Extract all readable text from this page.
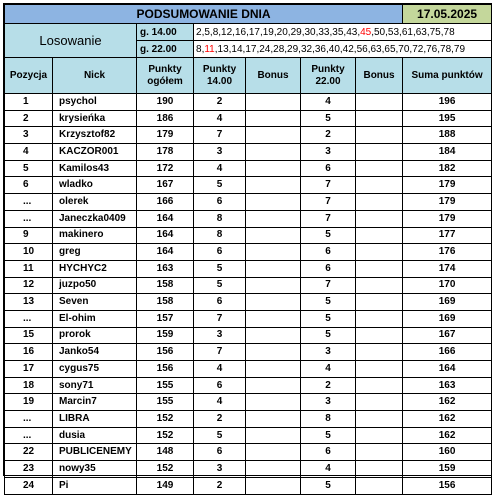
PODSUMOWANIE DNIA							17.05.2025
Losowanie		g. 14.00	2,5,8,12,16,17,19,20,29,30,33,35,43,45,50,53,61,63,75,78				
		g. 22.00	8,11,13,14,17,24,28,29,32,36,40,42,56,63,65,70,72,76,78,79				
Pozycja	Nick	Punkty ogółem	Punkty 14.00	Bonus	Punkty 22.00	Bonus	Suma punktów
1	psychol	190	2		4		196
2	krysieńka	186	4		5		195
3	Krzysztof82	179	7		2		188
4	KACZOR001	178	3		3		184
5	Kamilos43	172	4		6		182
6	wladko	167	5		7		179
...	olerek	166	6		7		179
...	Janeczka0409	164	8		7		179
9	makinero	164	8		5		177
10	greg	164	6		6		176
11	HYCHYC2	163	5		6		174
12	juzpo50	158	5		7		170
13	Seven	158	6		5		169
...	El-ohim	157	7		5		169
15	prorok	159	3		5		167
16	Janko54	156	7		3		166
17	cygus75	156	4		4		164
18	sony71	155	6		2		163
19	Marcin7	155	4		3		162
...	LIBRA	152	2		8		162
...	dusia	152	5		5		162
22	PUBLICENEMY	148	6		6		160
23	nowy35	152	3		4		159
24	Pi	149	2		5		156
